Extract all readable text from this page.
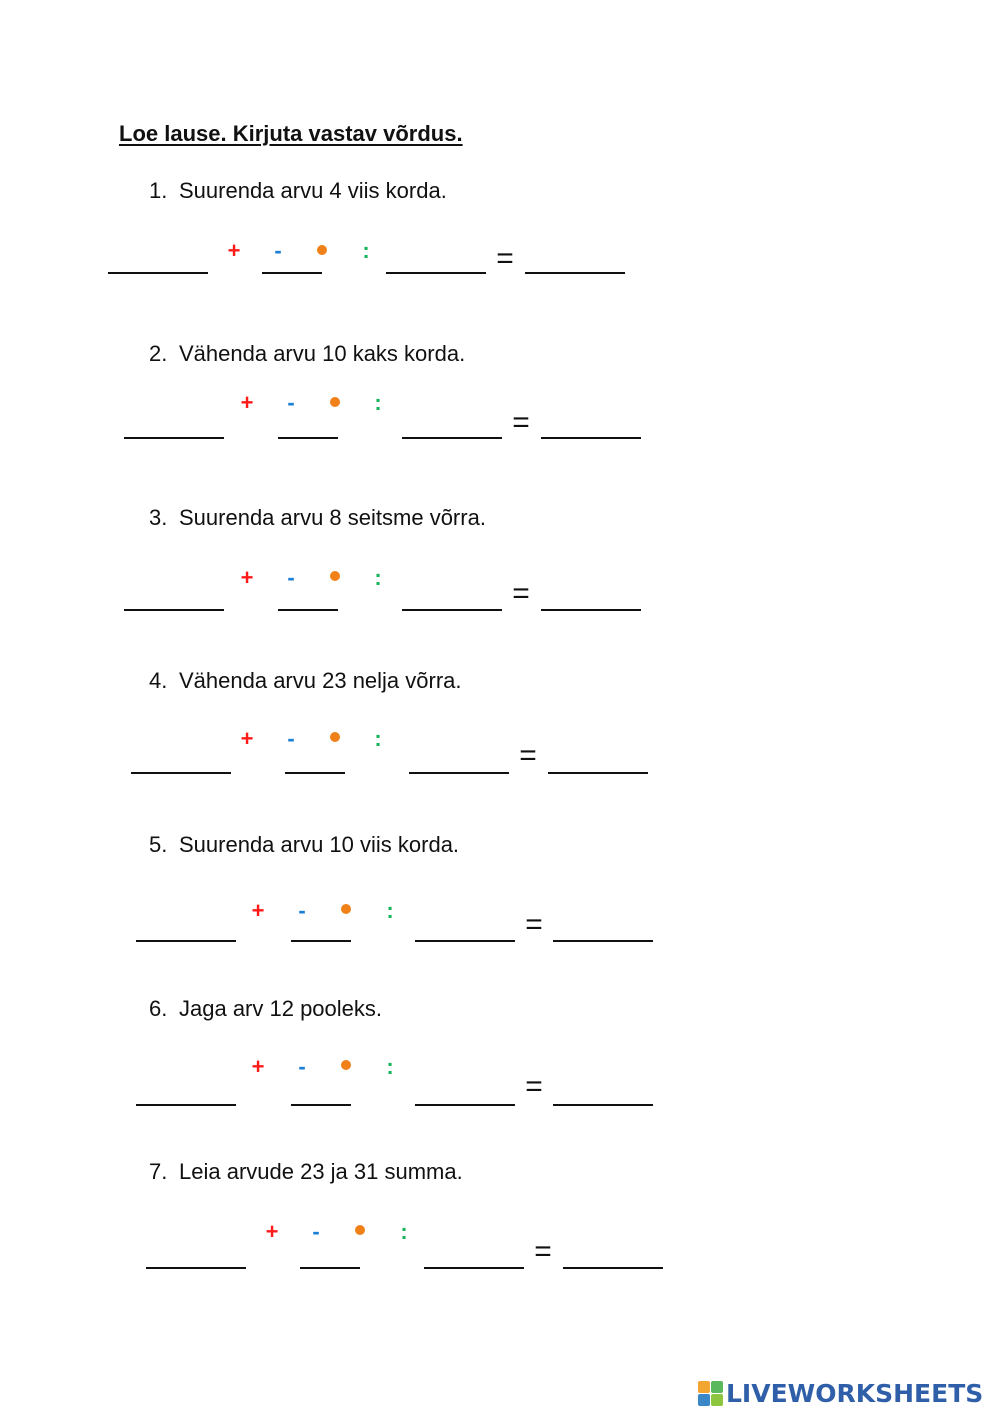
Loe lause. Kirjuta vastav võrdus.
1. Suurenda arvu 4 viis korda.
+ -	:	=
2. Vähenda arvu 10 kaks korda.
+ -	:
=
3. Suurenda arvu 8 seitsme võrra.
+ -	:	=
4. Vähenda arvu 23 nelja võrra.
+ -	:
=
5. Suurenda arvu 10 viis korda.
+ -	:	=
6. Jaga arv 12 pooleks.
+ -	:
=
7. Leia arvude 23 ja 31 summa.
+ -	:
=
LIVEWORKSHEETS
